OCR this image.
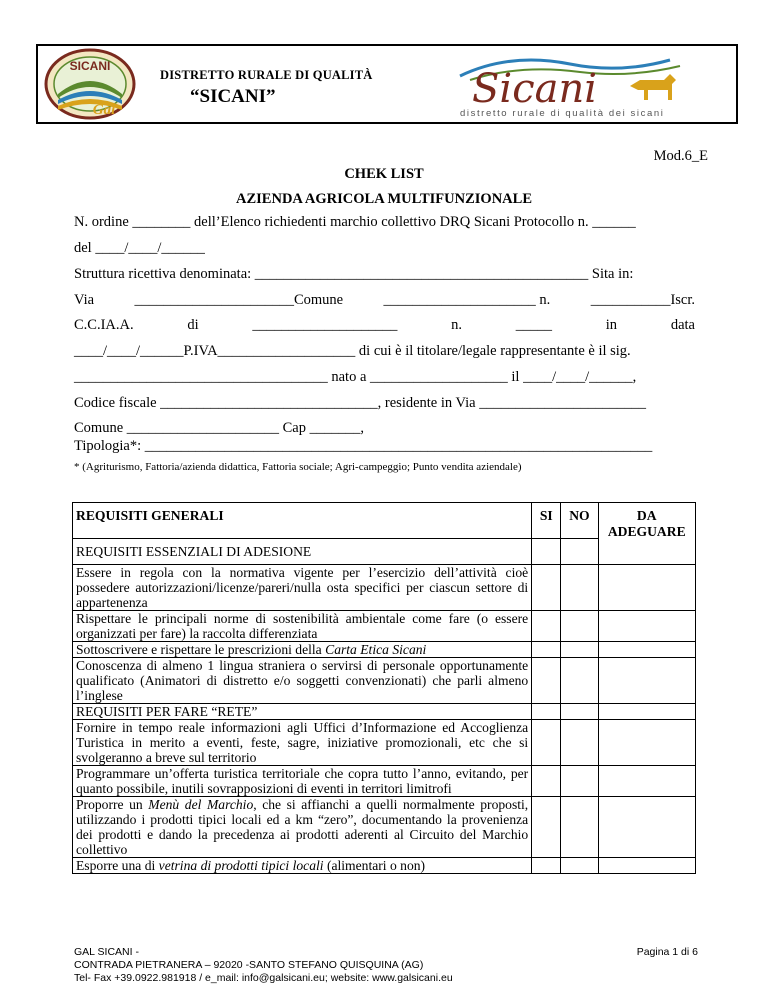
SICANI
Gal
DISTRETTO RURALE DI QUALITÀ
“SICANI”	Sicani
distretto rurale di qualità dei sicani
Mod.6_E
CHEK LIST
AZIENDA AGRICOLA MULTIFUNZIONALE
N. ordine ________ dell’Elenco richiedenti marchio collettivo DRQ Sicani Protocollo n. ______
del ____/____/______
Struttura ricettiva denominata: ______________________________________________ Sita in:
Via	______________________Comune	_____________________ n.	___________Iscr.
C.C.IA.A.	di	____________________	n.	_____	in	data
____/____/______P.IVA___________________ di cui è il titolare/legale rappresentante è il sig.
___________________________________ nato a ___________________ il ____/____/______,
Codice fiscale ______________________________, residente in Via _______________________
Comune _____________________ Cap _______,
Tipologia*: ______________________________________________________________________
* (Agriturismo, Fattoria/azienda didattica, Fattoria sociale; Agri-campeggio; Punto vendita aziendale)
REQUISITI GENERALI	SI	NO	DA ADEGUARE
REQUISITI ESSENZIALI DI ADESIONE			
Essere in regola con la normativa vigente per l’esercizio dell’attività cioè possedere autorizzazioni/licenze/pareri/nulla osta specifici per ciascun settore di appartenenza			
Rispettare le principali norme di sostenibilità ambientale come fare (o essere organizzati per fare) la raccolta differenziata			
Sottoscrivere e rispettare le prescrizioni della Carta Etica Sicani			
Conoscenza di almeno 1 lingua straniera o servirsi di personale opportunamente qualificato (Animatori di distretto e/o soggetti convenzionati) che parli almeno l’inglese			
REQUISITI PER FARE “RETE”			
Fornire in tempo reale informazioni agli Uffici d’Informazione ed Accoglienza Turistica in merito a eventi, feste, sagre, iniziative promozionali, etc che si svolgeranno a breve sul territorio			
Programmare un’offerta turistica territoriale che copra tutto l’anno, evitando, per quanto possibile, inutili sovrapposizioni di eventi in territori limitrofi			
Proporre un Menù del Marchio, che si affianchi a quelli normalmente proposti, utilizzando i prodotti tipici locali ed a km “zero”, documentando la provenienza dei prodotti e dando la precedenza ai prodotti aderenti al Circuito del Marchio collettivo			
Esporre una di vetrina di prodotti tipici locali (alimentari o non)			
GAL SICANI -
CONTRADA PIETRANERA – 92020 -SANTO STEFANO QUISQUINA (AG)
Tel- Fax +39.0922.981918 / e_mail: info@galsicani.eu; website: www.galsicani.eu
Pagina 1 di 6
